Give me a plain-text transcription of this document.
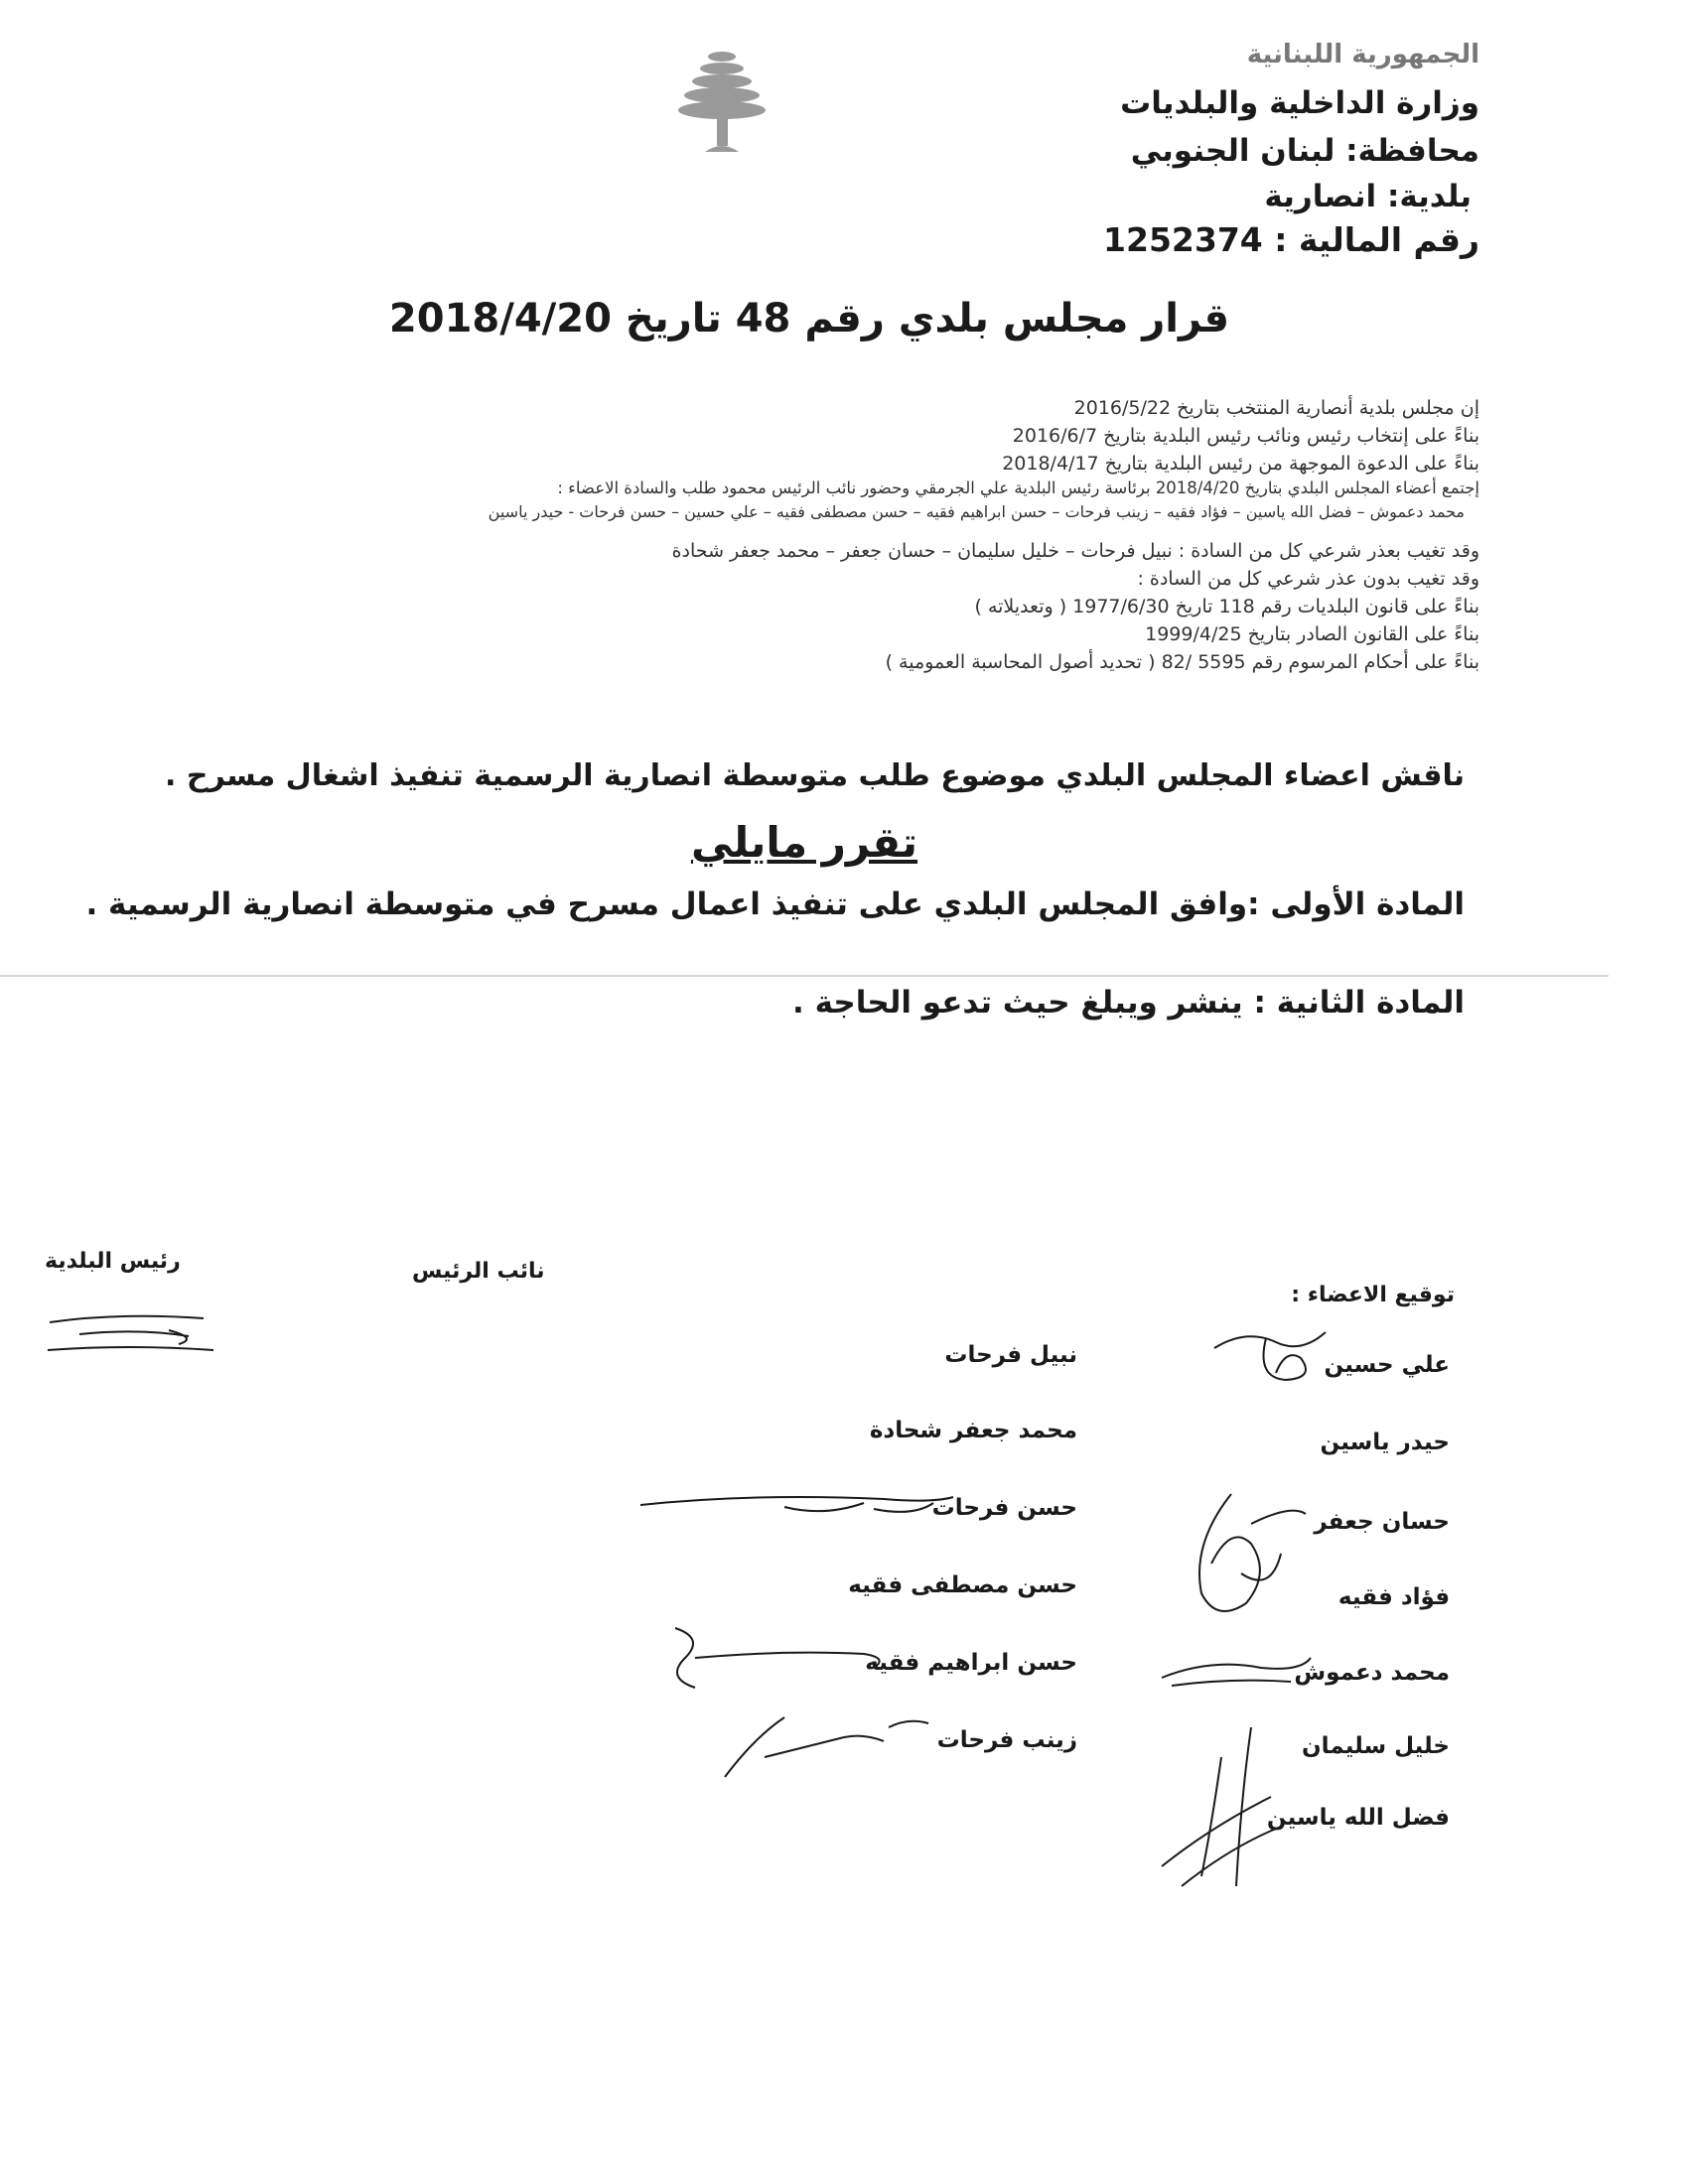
الجمهورية اللبنانية
وزارة الداخلية والبلديات
محافظة: لبنان الجنوبي
بلدية: انصارية
رقم المالية : 1252374
قرار مجلس بلدي رقم 48 تاريخ 2018/4/20
إن مجلس بلدية أنصارية المنتخب بتاريخ 2016/5/22
بناءً على إنتخاب رئيس ونائب رئيس البلدية بتاريخ 2016/6/7
بناءً على الدعوة الموجهة من رئيس البلدية بتاريخ 2018/4/17
إجتمع أعضاء المجلس البلدي بتاريخ 2018/4/20 برئاسة رئيس البلدية علي الجرمقي وحضور نائب الرئيس محمود طلب والسادة الاعضاء :
محمد دعموش – فضل الله ياسين – فؤاد فقيه – زينب فرحات – حسن ابراهيم فقيه – حسن مصطفى فقيه – علي حسين – حسن فرحات - حيدر ياسين
وقد تغيب بعذر شرعي كل من السادة : نبيل فرحات – خليل سليمان – حسان جعفر – محمد جعفر شحادة
وقد تغيب بدون عذر شرعي كل من السادة :
بناءً على قانون البلديات رقم 118 تاريخ 1977/6/30 ( وتعديلاته )
بناءً على القانون الصادر بتاريخ 1999/4/25
بناءً على أحكام المرسوم رقم 5595 /82 ( تحديد أصول المحاسبة العمومية )
ناقش اعضاء المجلس البلدي موضوع طلب متوسطة انصارية الرسمية تنفيذ اشغال مسرح .
تقرر مايلي
المادة الأولى :وافق المجلس البلدي على تنفيذ اعمال مسرح في متوسطة انصارية الرسمية .
المادة الثانية : ينشر ويبلغ حيث تدعو الحاجة .
رئيس البلدية	نائب الرئيس
توقيع الاعضاء :
علي حسين
حيدر ياسين
حسان جعفر
فؤاد فقيه
محمد دعموش
خليل سليمان
فضل الله ياسين
نبيل فرحات
محمد جعفر شحادة
حسن فرحات
حسن مصطفى فقيه
حسن ابراهيم فقيه
زينب فرحات
